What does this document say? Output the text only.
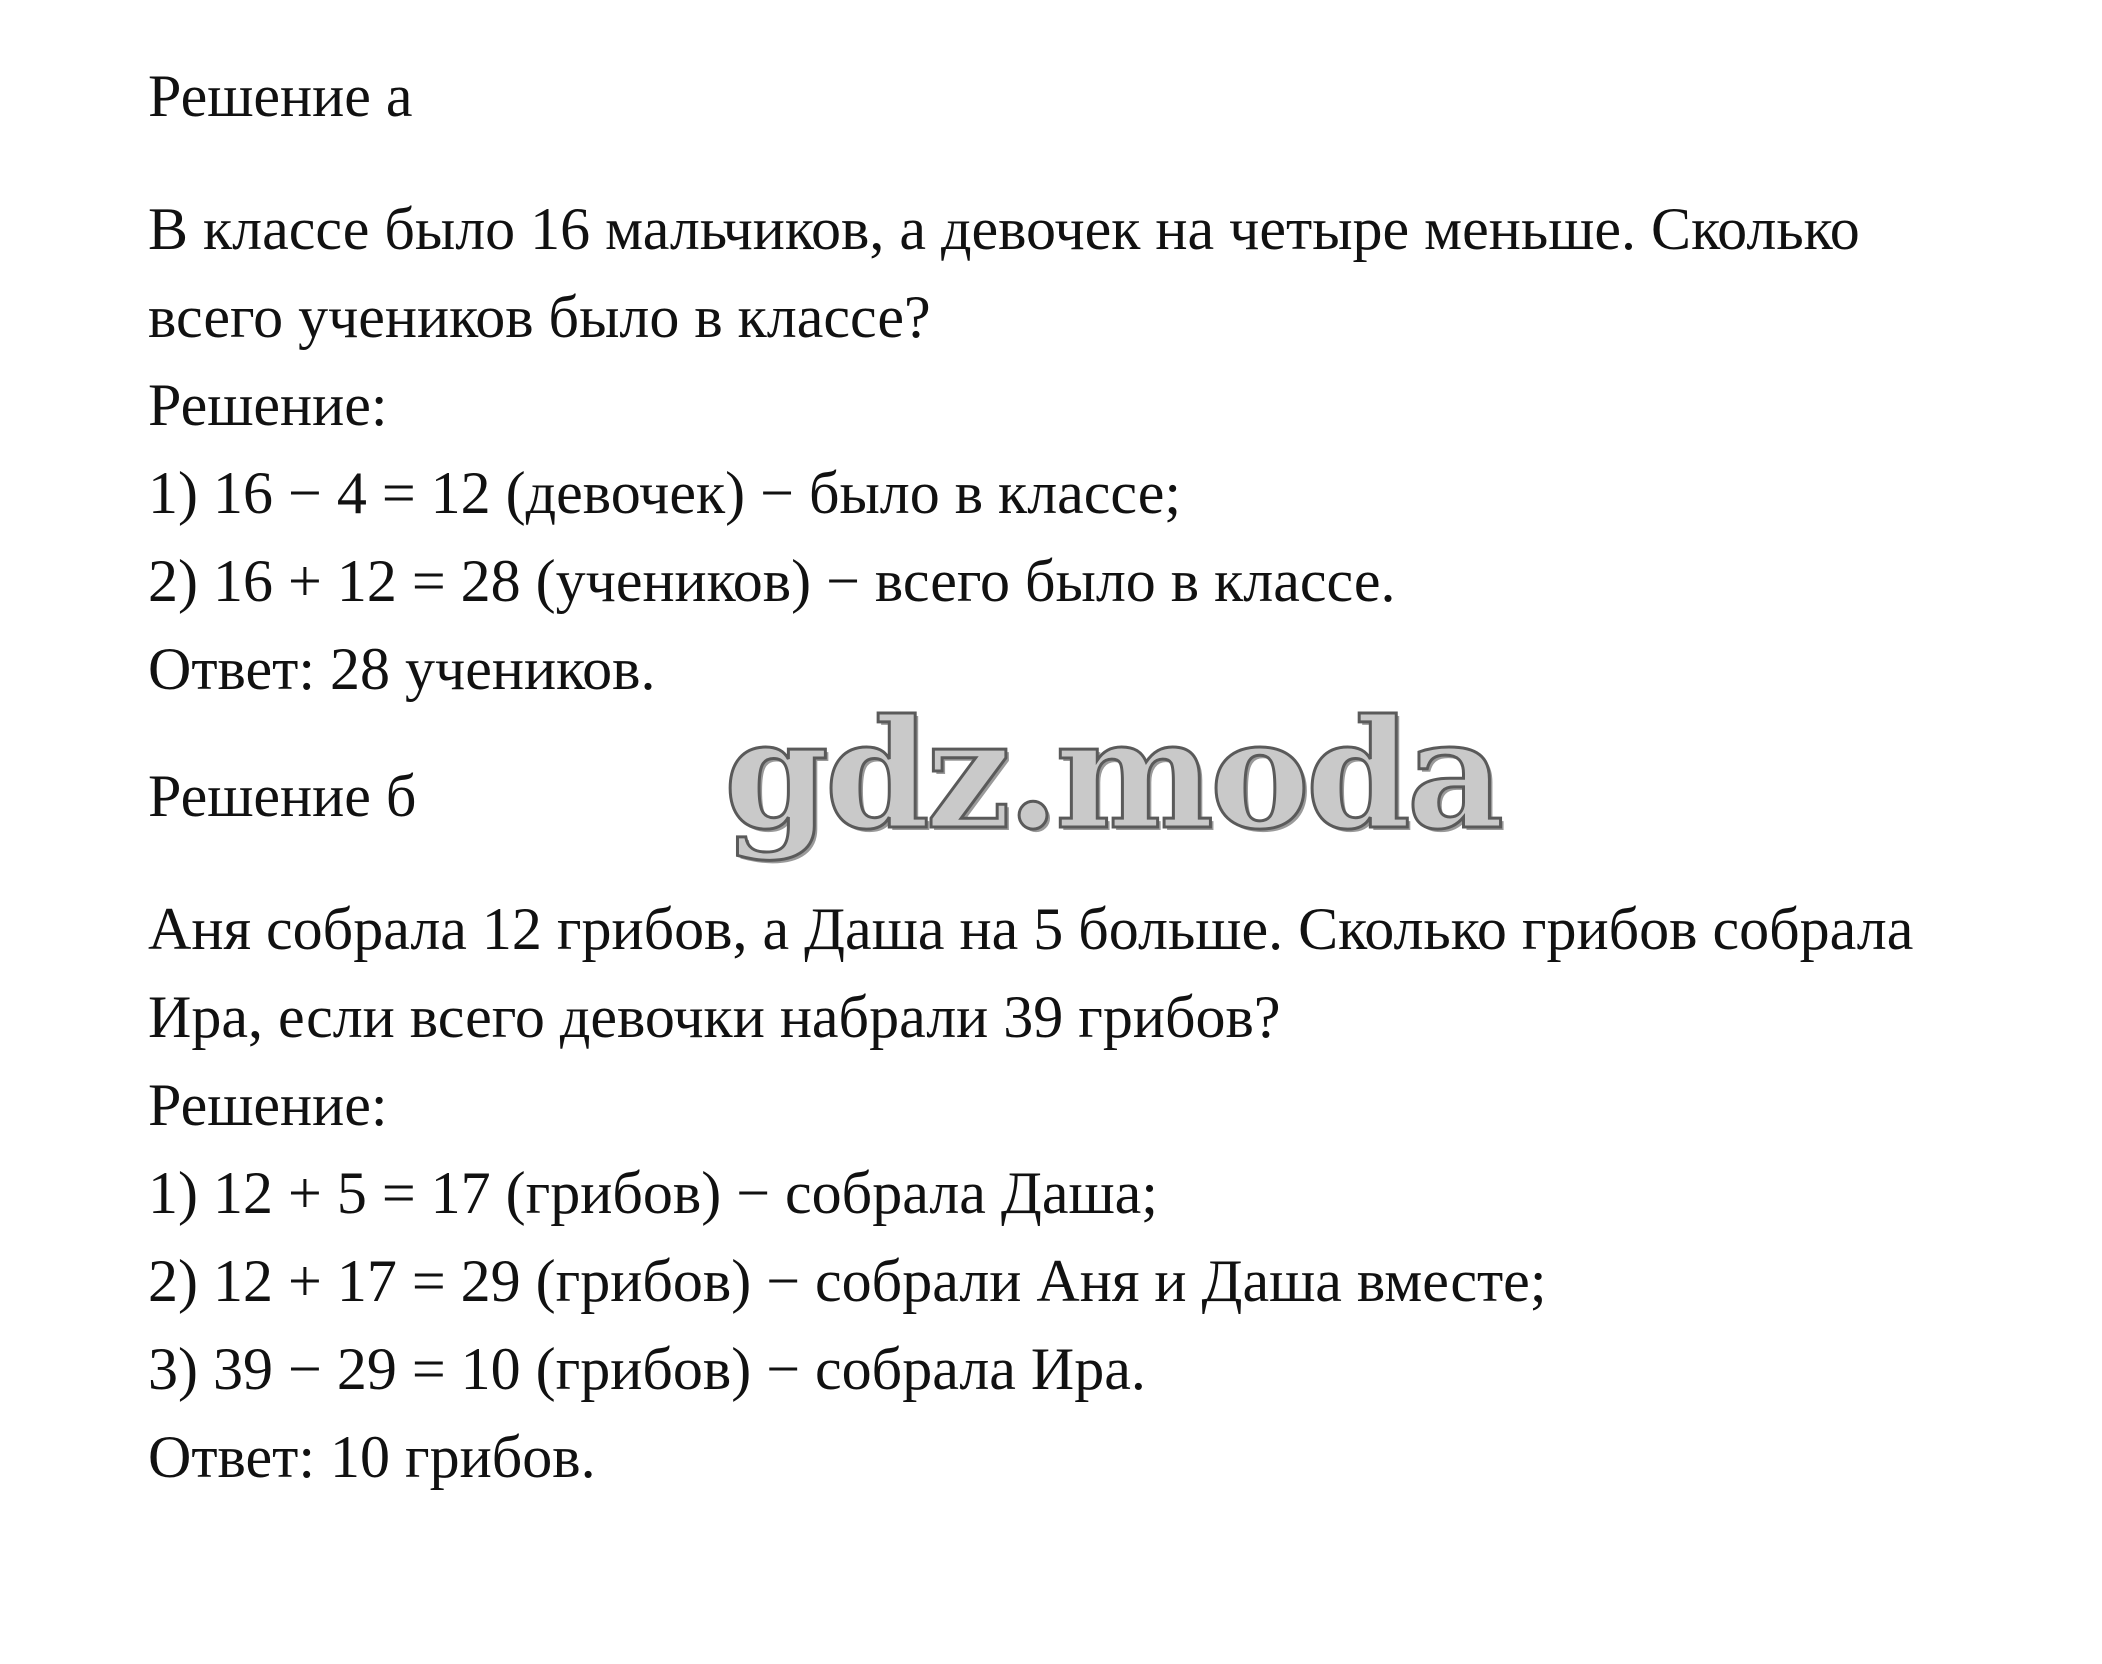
Решение а
В классе было 16 мальчиков, а девочек на четыре меньше. Сколько
всего учеников было в классе?
Решение:
1) 16 − 4 = 12 (девочек) − было в классе;
2) 16 + 12 = 28 (учеников) − всего было в классе.
Ответ: 28 учеников.
Решение б gdz.moda
Аня собрала 12 грибов, а Даша на 5 больше. Сколько грибов собрала
Ира, если всего девочки набрали 39 грибов?
Решение:
1) 12 + 5 = 17 (грибов) − собрала Даша;
2) 12 + 17 = 29 (грибов) − собрали Аня и Даша вместе;
3) 39 − 29 = 10 (грибов) − собрала Ира.
Ответ: 10 грибов.
